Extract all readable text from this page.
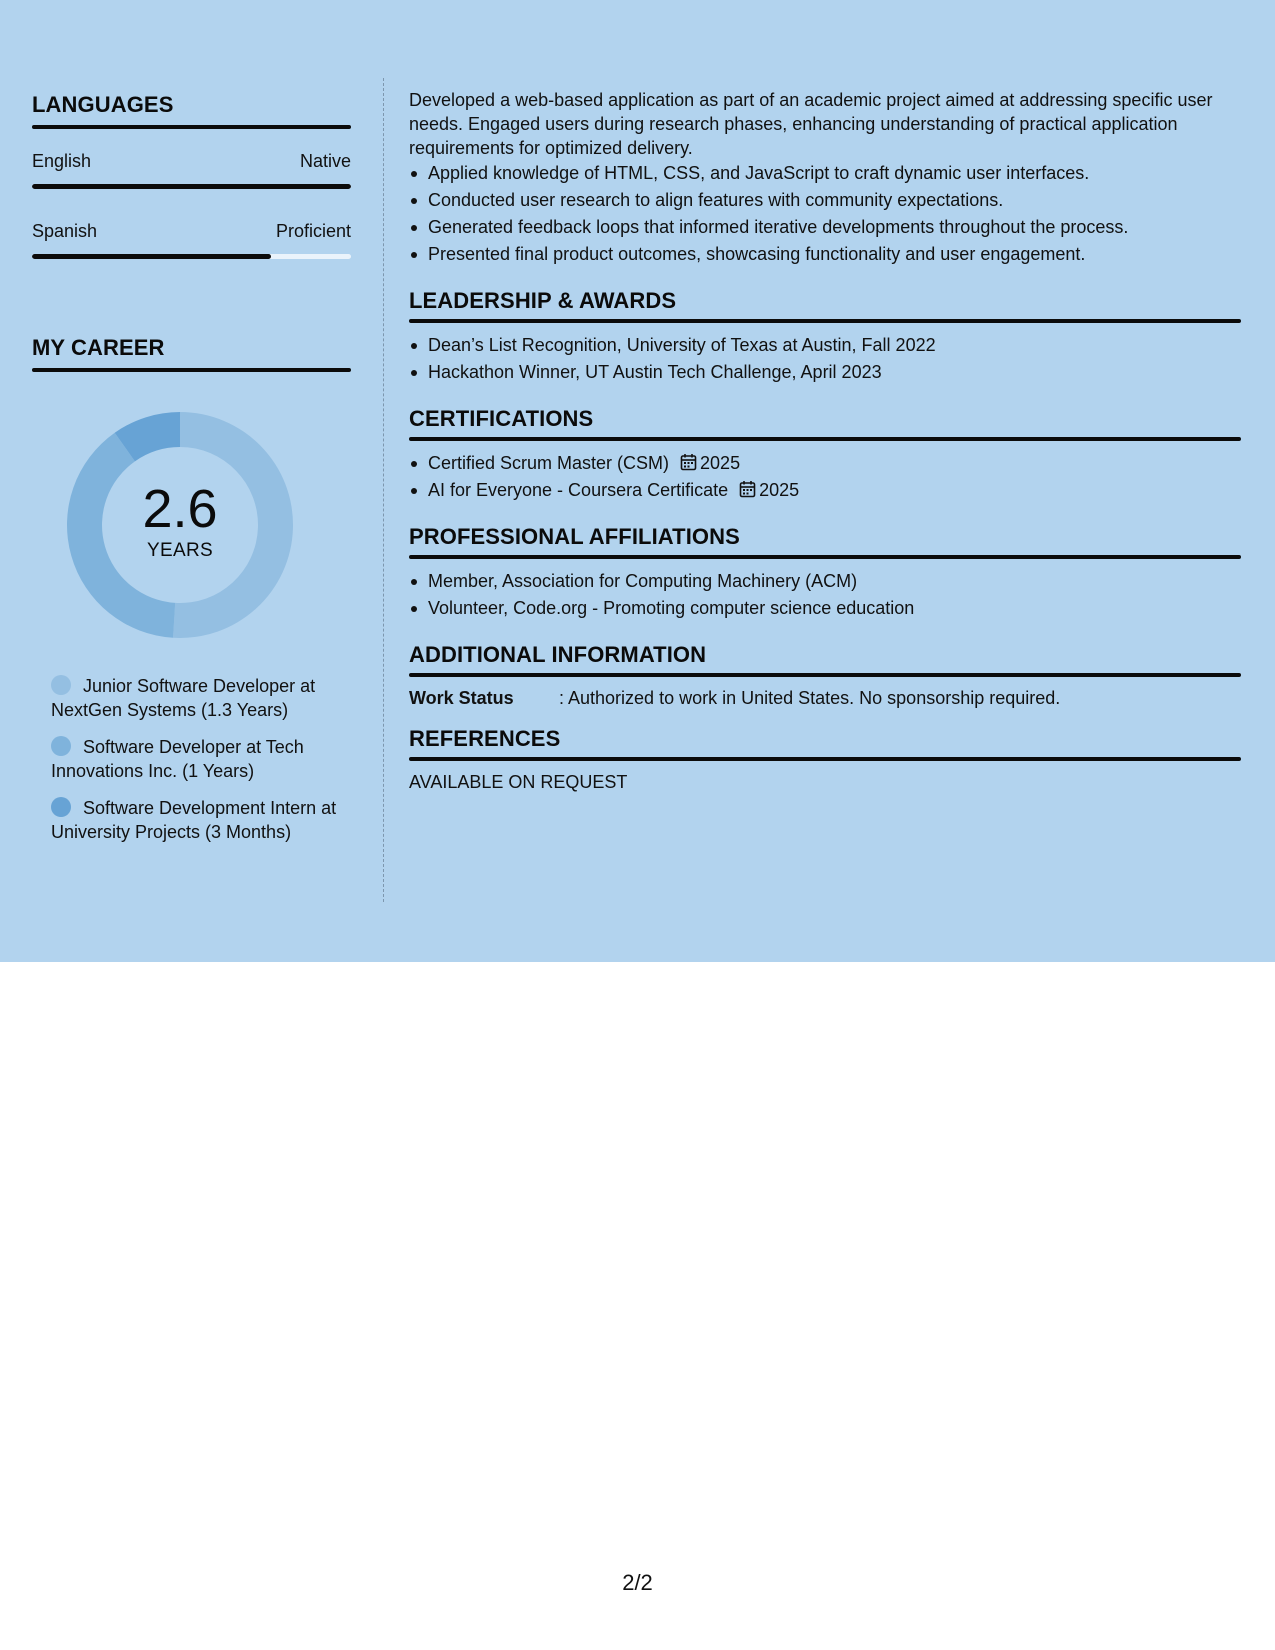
LANGUAGES
English	Native
Spanish	Proficient
MY CAREER
2.6
YEARS
Junior Software Developer at NextGen Systems (1.3 Years)
Software Developer at Tech Innovations Inc. (1 Years)
Software Development Intern at University Projects (3 Months)
Developed a web-based application as part of an academic project aimed at addressing specific user needs. Engaged users during research phases, enhancing understanding of practical application requirements for optimized delivery.
Applied knowledge of HTML, CSS, and JavaScript to craft dynamic user interfaces.
Conducted user research to align features with community expectations.
Generated feedback loops that informed iterative developments throughout the process.
Presented final product outcomes, showcasing functionality and user engagement.
LEADERSHIP & AWARDS
Dean’s List Recognition, University of Texas at Austin, Fall 2022
Hackathon Winner, UT Austin Tech Challenge, April 2023
CERTIFICATIONS
Certified Scrum Master (CSM) 2025
AI for Everyone - Coursera Certificate 2025
PROFESSIONAL AFFILIATIONS
Member, Association for Computing Machinery (ACM)
Volunteer, Code.org - Promoting computer science education
ADDITIONAL INFORMATION
Work Status	: Authorized to work in United States. No sponsorship required.
REFERENCES
AVAILABLE ON REQUEST
2/2
